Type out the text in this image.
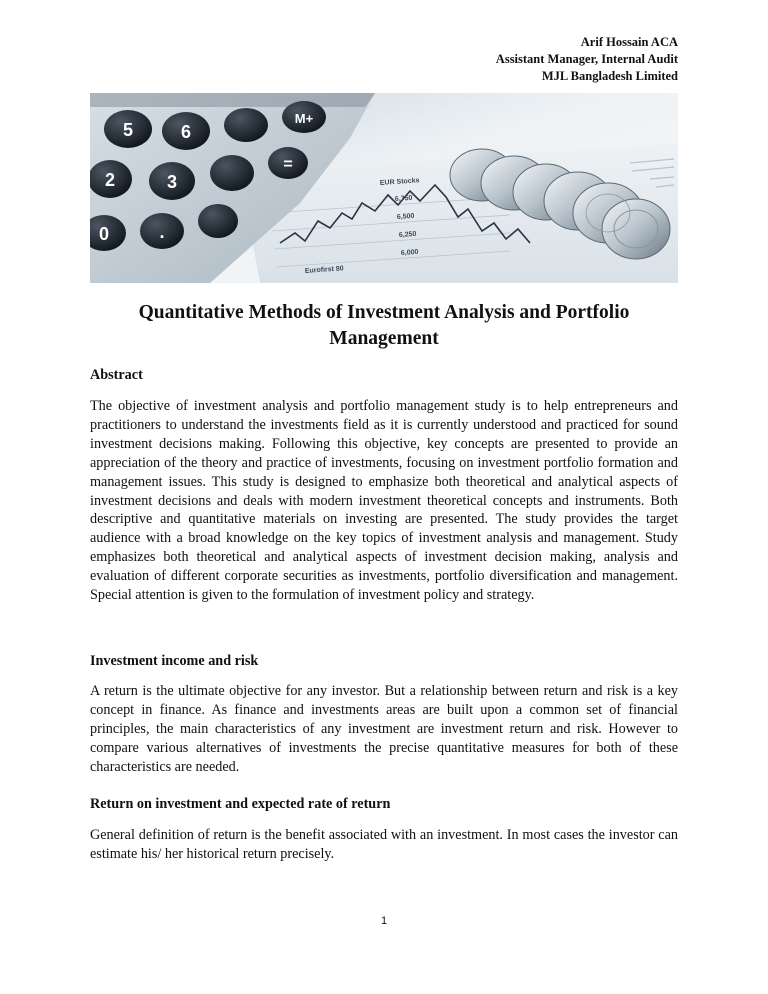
Arif Hossain ACA
Assistant Manager, Internal Audit
MJL Bangladesh Limited
6,750
6,500
6,250
6,000
Eurofirst 80
EUR Stocks
5	6
M+
2	3
=
0	.
Quantitative Methods of Investment Analysis and Portfolio Management
Abstract
The objective of investment analysis and portfolio management study is to help entrepreneurs and practitioners to understand the investments field as it is currently understood and practiced for sound investment decisions making. Following this objective, key concepts are presented to provide an appreciation of the theory and practice of investments, focusing on investment portfolio formation and management issues. This study is designed to emphasize both theoretical and analytical aspects of investment decisions and deals with modern investment theoretical concepts and instruments. Both descriptive and quantitative materials on investing are presented. The study provides the target audience with a broad knowledge on the key topics of investment analysis and management. Study emphasizes both theoretical and analytical aspects of investment decision making, analysis and evaluation of different corporate securities as investments, portfolio diversification and management. Special attention is given to the formulation of investment policy and strategy.
Investment income and risk
A return is the ultimate objective for any investor. But a relationship between return and risk is a key concept in finance. As finance and investments areas are built upon a common set of financial principles, the main characteristics of any investment are investment return and risk. However to compare various alternatives of investments the precise quantitative measures for both of these characteristics are needed.
Return on investment and expected rate of return
General definition of return is the benefit associated with an investment. In most cases the investor can estimate his/ her historical return precisely.
1
